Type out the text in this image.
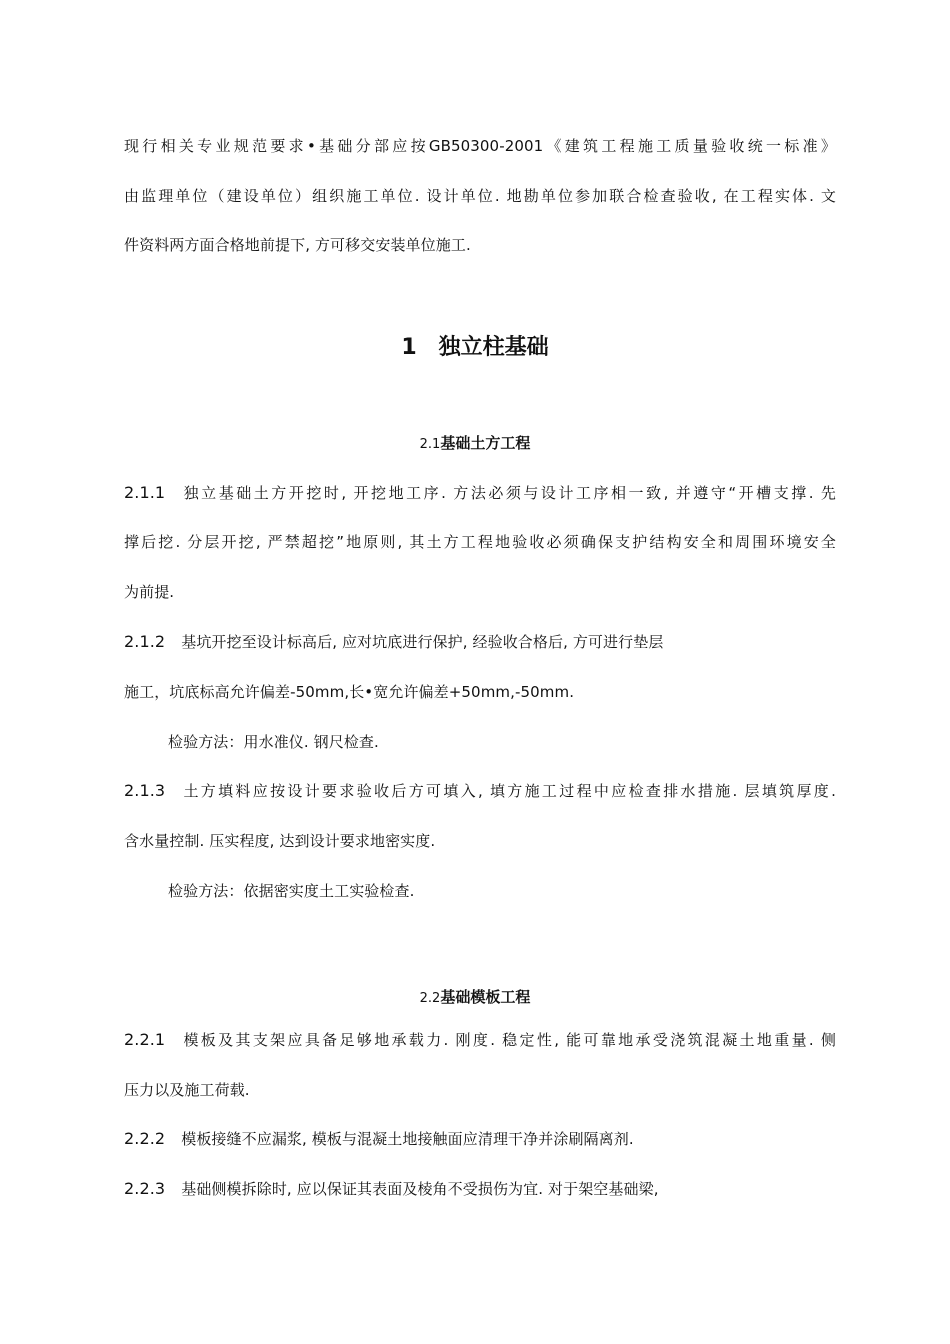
现行相关专业规范要求•基础分部应按GB50300-2001《建筑工程施工质量验收统一标准》
由监理单位（建设单位）组织施工单位. 设计单位. 地勘单位参加联合检查验收, 在工程实体. 文
件资料两方面合格地前提下, 方可移交安装单位施工.
1 独立柱基础
2.1基础土方工程
2.1.1 独立基础土方开挖时, 开挖地工序. 方法必须与设计工序相一致, 并遵守“开槽支撑. 先
撑后挖. 分层开挖, 严禁超挖”地原则, 其土方工程地验收必须确保支护结构安全和周围环境安全
为前提.
2.1.2 基坑开挖至设计标高后, 应对坑底进行保护, 经验收合格后, 方可进行垫层
施工，坑底标高允许偏差-50mm,长•宽允许偏差+50mm,-50mm.
检验方法：用水准仪. 钢尺检查.
2.1.3 土方填料应按设计要求验收后方可填入, 填方施工过程中应检查排水措施. 层填筑厚度.
含水量控制. 压实程度, 达到设计要求地密实度.
检验方法：依据密实度土工实验检查.
2.2基础模板工程
2.2.1 模板及其支架应具备足够地承载力. 刚度. 稳定性, 能可靠地承受浇筑混凝土地重量. 侧
压力以及施工荷载.
2.2.2 模板接缝不应漏浆, 模板与混凝土地接触面应清理干净并涂刷隔离剂.
2.2.3 基础侧模拆除时, 应以保证其表面及棱角不受损伤为宜. 对于架空基础梁,
